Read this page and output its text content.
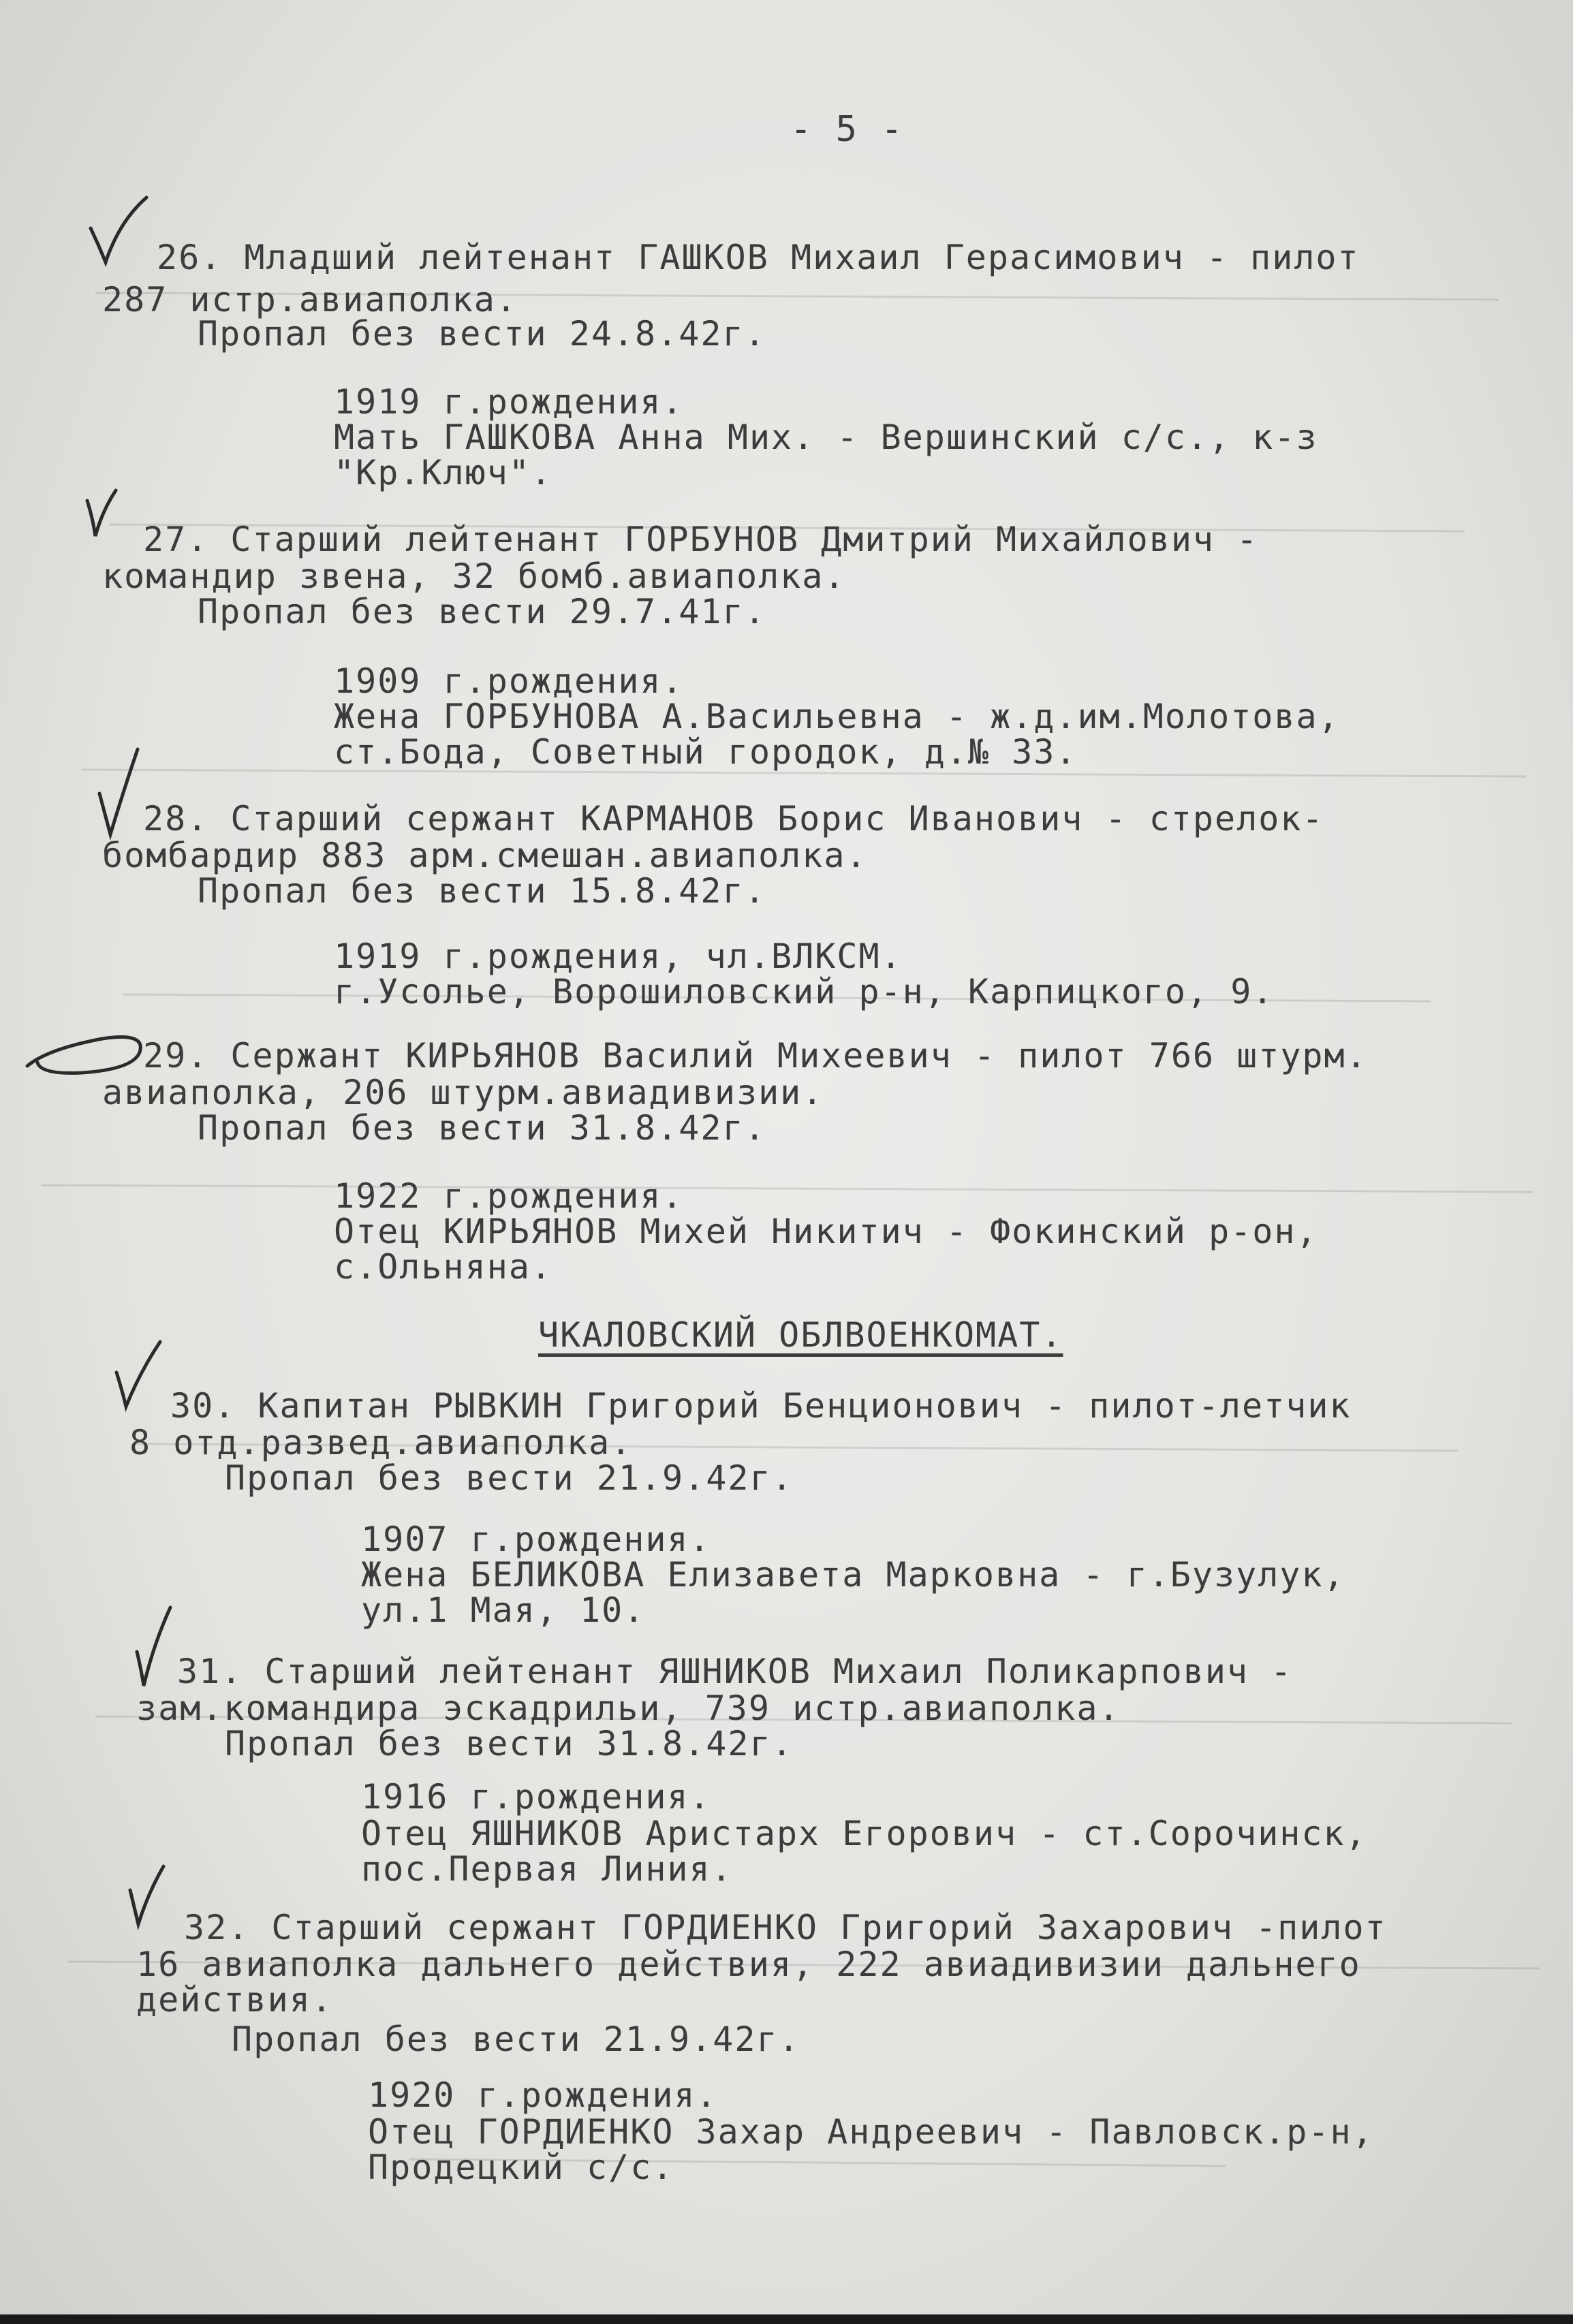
- 5 -
26. Младший лейтенант ГАШКОВ Михаил Герасимович - пилот
287 истр.авиаполка.
Пропал без вести 24.8.42г.
1919 г.рождения.
Мать ГАШКОВА Анна Мих. - Вершинский с/с., к-з
"Кр.Ключ".
27. Старший лейтенант ГОРБУНОВ Дмитрий Михайлович -
командир звена, 32 бомб.авиаполка.
Пропал без вести 29.7.41г.
1909 г.рождения.
Жена ГОРБУНОВА А.Васильевна - ж.д.им.Молотова,
ст.Бода, Советный городок, д.№ 33.
28. Старший сержант КАРМАНОВ Борис Иванович - стрелок-
бомбардир 883 арм.смешан.авиаполка.
Пропал без вести 15.8.42г.
1919 г.рождения, чл.ВЛКСМ.
г.Усолье, Ворошиловский р-н, Карпицкого, 9.
29. Сержант КИРЬЯНОВ Василий Михеевич - пилот 766 штурм.
авиаполка, 206 штурм.авиадивизии.
Пропал без вести 31.8.42г.
1922 г.рождения.
Отец КИРЬЯНОВ Михей Никитич - Фокинский р-он,
с.Ольняна.
ЧКАЛОВСКИЙ ОБЛВОЕНКОМАТ.
30. Капитан РЫВКИН Григорий Бенционович - пилот-летчик
8 отд.развед.авиаполка.
Пропал без вести 21.9.42г.
1907 г.рождения.
Жена БЕЛИКОВА Елизавета Марковна - г.Бузулук,
ул.1 Мая, 10.
31. Старший лейтенант ЯШНИКОВ Михаил Поликарпович -
зам.командира эскадрильи, 739 истр.авиаполка.
Пропал без вести 31.8.42г.
1916 г.рождения.
Отец ЯШНИКОВ Аристарх Егорович - ст.Сорочинск,
пос.Первая Линия.
32. Старший сержант ГОРДИЕНКО Григорий Захарович -пилот
16 авиаполка дальнего действия, 222 авиадивизии дальнего
действия.
Пропал без вести 21.9.42г.
1920 г.рождения.
Отец ГОРДИЕНКО Захар Андреевич - Павловск.р-н,
Продецкий с/с.
